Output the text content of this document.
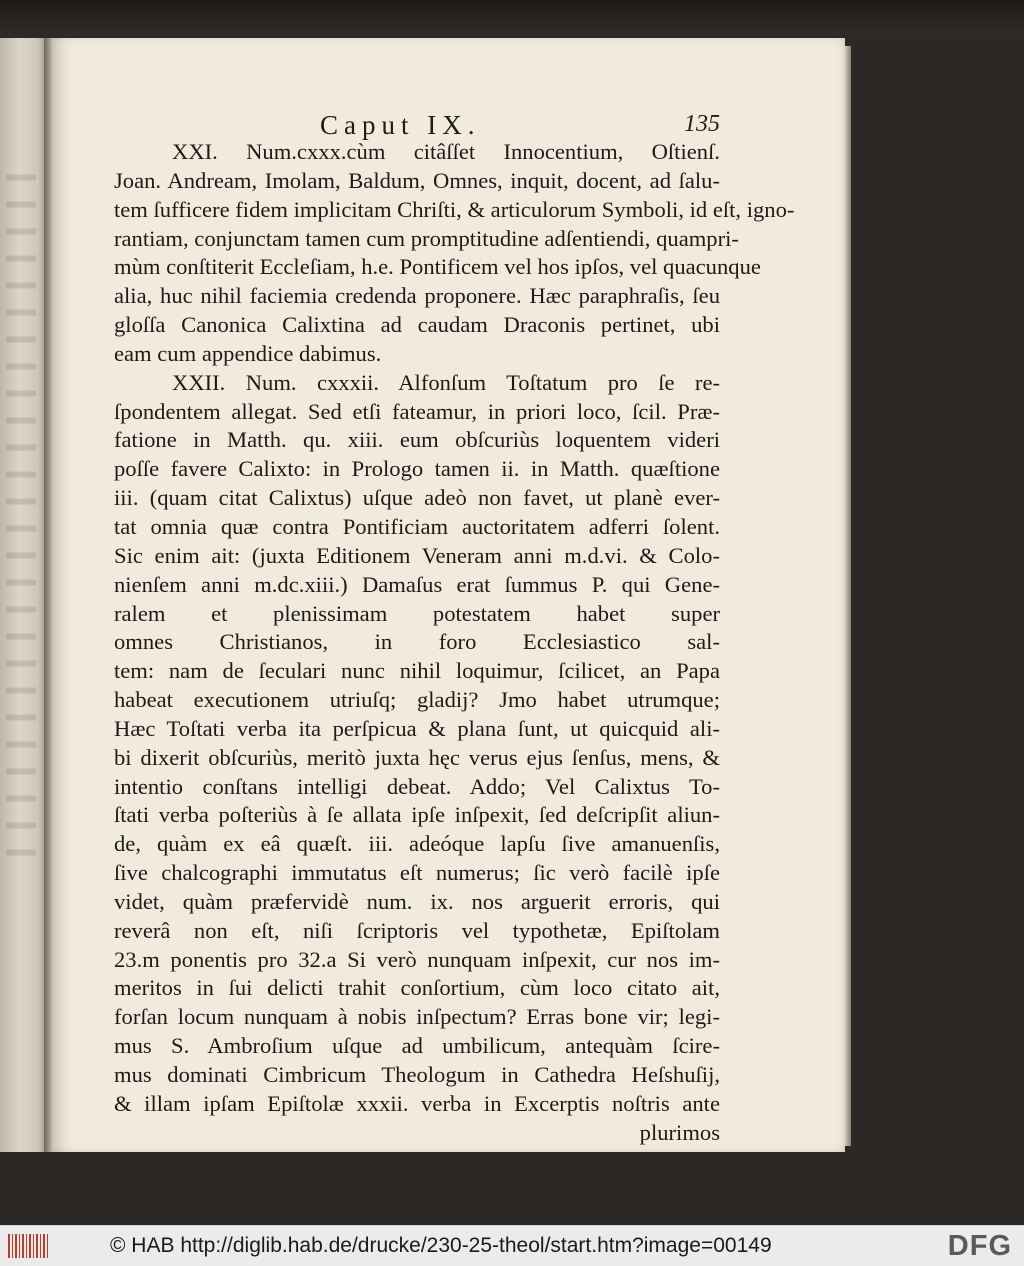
Caput IX.	135
XXI. Num.cxxx.cùm citâſſet Innocentium, Oſtienſ.
Joan. Andream, Imolam, Baldum, Omnes, inquit, docent, ad ſalu-
tem ſufficere fidem implicitam Chriſti, & articulorum Symboli, id eſt, igno-
rantiam, conjunctam tamen cum promptitudine adſentiendi, quampri-
mùm conſtiterit Eccleſiam, h.e. Pontificem vel hos ipſos, vel quacunque
alia, huc nihil faciemia credenda proponere. Hæc paraphraſis, ſeu
gloſſa Canonica Calixtina ad caudam Draconis pertinet, ubi
eam cum appendice dabimus.
XXII. Num. cxxxii. Alfonſum Toſtatum pro ſe re-
ſpondentem allegat. Sed etſi fateamur, in priori loco, ſcil. Præ-
fatione in Matth. qu. xiii. eum obſcuriùs loquentem videri
poſſe favere Calixto: in Prologo tamen ii. in Matth. quæſtione
iii. (quam citat Calixtus) uſque adeò non favet, ut planè ever-
tat omnia quæ contra Pontificiam auctoritatem adferri ſolent.
Sic enim ait: (juxta Editionem Veneram anni m.d.vi. & Colo-
nienſem anni m.dc.xiii.) Damaſus erat ſummus P. qui Gene-
ralem et plenissimam potestatem habet super
omnes Christianos, in foro Ecclesiastico sal-
tem: nam de ſeculari nunc nihil loquimur, ſcilicet, an Papa
habeat executionem utriuſq; gladij? Jmo habet utrumque;
Hæc Toſtati verba ita perſpicua & plana ſunt, ut quicquid ali-
bi dixerit obſcuriùs, meritò juxta hęc verus ejus ſenſus, mens, &
intentio conſtans intelligi debeat. Addo; Vel Calixtus To-
ſtati verba poſteriùs à ſe allata ipſe inſpexit, ſed deſcripſit aliun-
de, quàm ex eâ quæſt. iii. adeóque lapſu ſive amanuenſis,
ſive chalcographi immutatus eſt numerus; ſic verò facilè ipſe
videt, quàm præfervidè num. ix. nos arguerit erroris, qui
reverâ non eſt, niſi ſcriptoris vel typothetæ, Epiſtolam
23.m ponentis pro 32.a Si verò nunquam inſpexit, cur nos im-
meritos in ſui delicti trahit conſortium, cùm loco citato ait,
forſan locum nunquam à nobis inſpectum? Erras bone vir; legi-
mus S. Ambroſium uſque ad umbilicum, antequàm ſcire-
mus dominati Cimbricum Theologum in Cathedra Heſshuſij,
& illam ipſam Epiſtolæ xxxii. verba in Excerptis noſtris ante
plurimos
© HAB http://diglib.hab.de/drucke/230-25-theol/start.htm?image=00149	DFG
